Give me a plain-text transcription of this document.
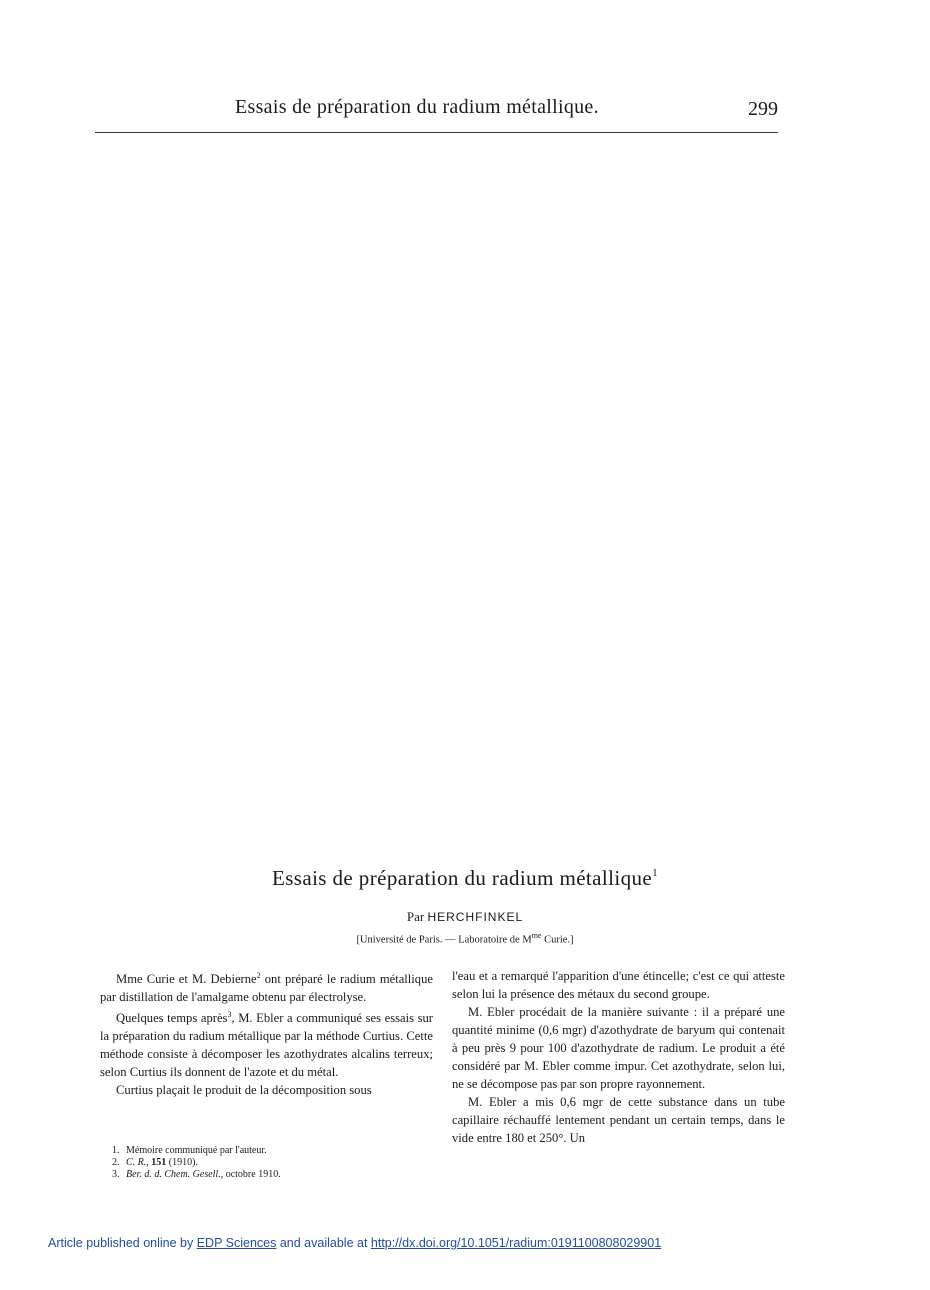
Essais de préparation du radium métallique.	299
Essais de préparation du radium métallique$^1$
Par HERCHFINKEL
[Université de Paris. — Laboratoire de $M^{me}$ Curie.]

Mme Curie et M. Debierne$^2$ ont préparé le radium métallique par distillation de l'amalgame obtenu par électrolyse.

Quelques temps après$^3$, M. Ebler a communiqué ses essais sur la préparation du radium métallique par la méthode Curtius. Cette méthode consiste à décomposer les azothydrates alcalins terreux; selon Curtius ils donnent de l'azote et du métal.

Curtius plaçait le produit de la décomposition sous

l'eau et a remarqué l'apparition d'une étincelle; c'est ce qui atteste selon lui la présence des métaux du second groupe.

M. Ebler procédait de la manière suivante : il a préparé une quantité minime (0,6 mgr) d'azothydrate de baryum qui contenait à peu près 9 pour 100 d'azothydrate de radium. Le produit a été considéré par M. Ebler comme impur. Cet azothydrate, selon lui, ne se décompose pas par son propre rayonnement.

M. Ebler a mis 0,6 mgr de cette substance dans un tube capillaire réchauffé lentement pendant un certain temps, dans le vide entre 180 et 250°. Un

1. Mémoire communiqué par l'auteur.

2. C. R., 151 (1910).

3. Ber. d. d. Chem. Gesell., octobre 1910.

Article published online by EDP Sciences and available at http://dx.doi.org/10.1051/radium:0191100808029901
